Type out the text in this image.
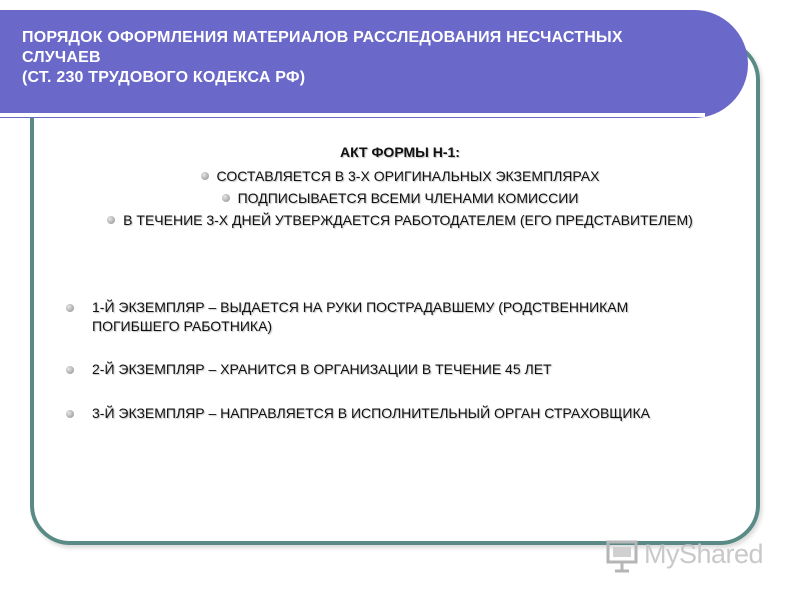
ПОРЯДОК ОФОРМЛЕНИЯ МАТЕРИАЛОВ РАССЛЕДОВАНИЯ НЕСЧАСТНЫХ
СЛУЧАЕВ
(СТ. 230 ТРУДОВОГО КОДЕКСА РФ)
АКТ ФОРМЫ Н-1:
СОСТАВЛЯЕТСЯ В 3-Х ОРИГИНАЛЬНЫХ ЭКЗЕМПЛЯРАХ
ПОДПИСЫВАЕТСЯ ВСЕМИ ЧЛЕНАМИ КОМИССИИ
В ТЕЧЕНИЕ 3-Х ДНЕЙ УТВЕРЖДАЕТСЯ РАБОТОДАТЕЛЕМ (ЕГО ПРЕДСТАВИТЕЛЕМ)
1-Й ЭКЗЕМПЛЯР – ВЫДАЕТСЯ НА РУКИ ПОСТРАДАВШЕМУ (РОДСТВЕННИКАМ ПОГИБШЕГО РАБОТНИКА)
2-Й ЭКЗЕМПЛЯР – ХРАНИТСЯ В ОРГАНИЗАЦИИ В ТЕЧЕНИЕ 45 ЛЕТ
3-Й ЭКЗЕМПЛЯР – НАПРАВЛЯЕТСЯ В ИСПОЛНИТЕЛЬНЫЙ ОРГАН СТРАХОВЩИКА
MyShared
